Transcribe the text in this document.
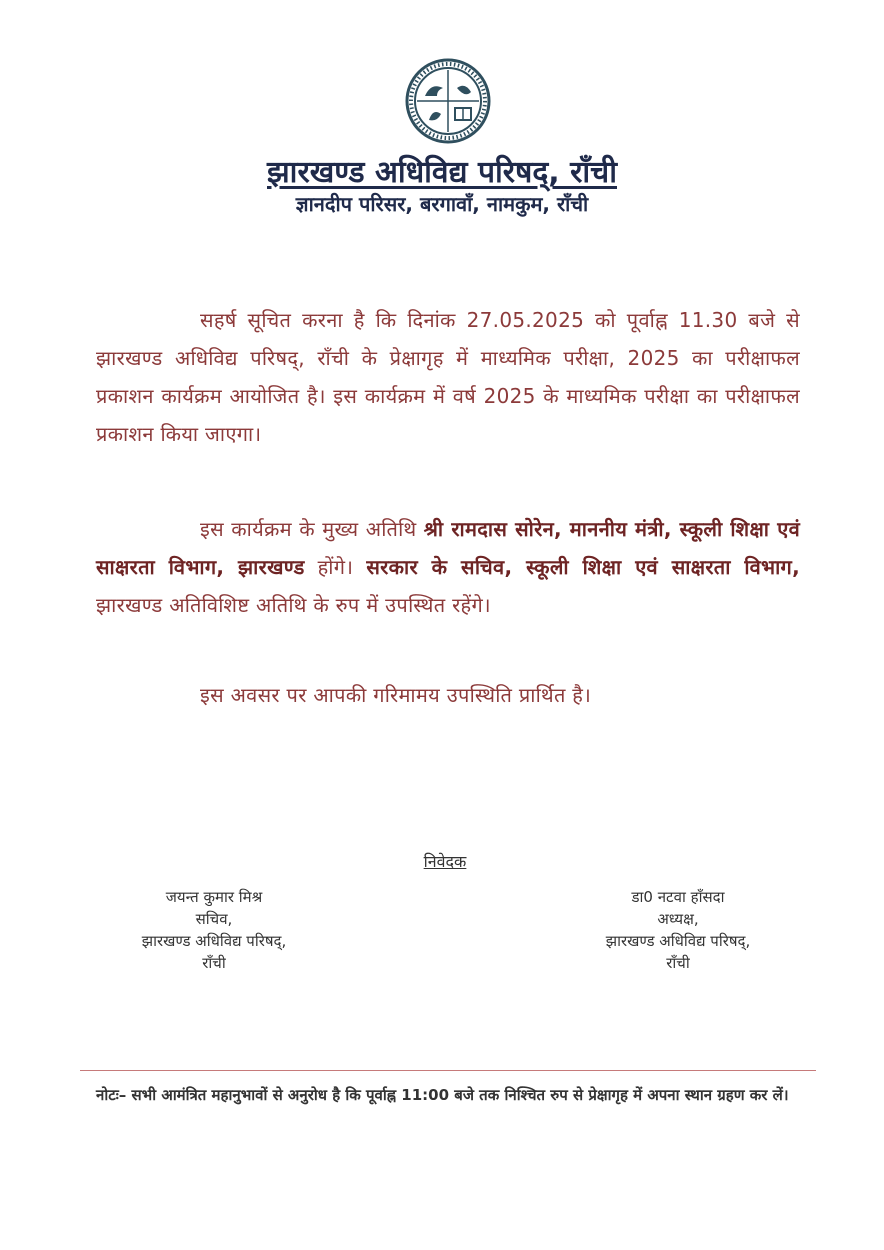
झारखण्ड अधिविद्य परिषद्, राँची
ज्ञानदीप परिसर, बरगावाँ, नामकुम, राँची
सहर्ष सूचित करना है कि दिनांक 27.05.2025 को पूर्वाह्न 11.30 बजे से झारखण्ड अधिविद्य परिषद्, राँची के प्रेक्षागृह में माध्यमिक परीक्षा, 2025 का परीक्षाफल प्रकाशन कार्यक्रम आयोजित है। इस कार्यक्रम में वर्ष 2025 के माध्यमिक परीक्षा का परीक्षाफल प्रकाशन किया जाएगा।
इस कार्यक्रम के मुख्य अतिथि श्री रामदास सोरेन, माननीय मंत्री, स्कूली शिक्षा एवं साक्षरता विभाग, झारखण्ड होंगे। सरकार के सचिव, स्कूली शिक्षा एवं साक्षरता विभाग, झारखण्ड अतिविशिष्ट अतिथि के रुप में उपस्थित रहेंगे।
इस अवसर पर आपकी गरिमामय उपस्थिति प्रार्थित है।
निवेदक
जयन्त कुमार मिश्र
सचिव,
झारखण्ड अधिविद्य परिषद्,
राँची
डा0 नटवा हाँसदा
अध्यक्ष,
झारखण्ड अधिविद्य परिषद्,
राँची
नोटः– सभी आमंत्रित महानुभावों से अनुरोध है कि पूर्वाह्न 11:00 बजे तक निश्चित रुप से प्रेक्षागृह में अपना स्थान ग्रहण कर लें।
